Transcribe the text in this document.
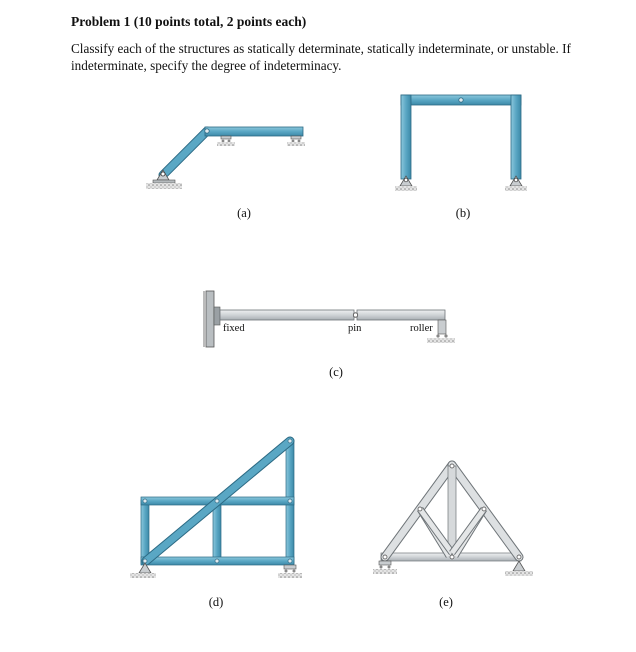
Problem 1 (10 points total, 2 points each)
Classify each of the structures as statically determinate, statically indeterminate, or unstable. If indeterminate, specify the degree of indeterminacy.
(a)	(b)
(c)
(d)	(e)
fixed	pin	roller
